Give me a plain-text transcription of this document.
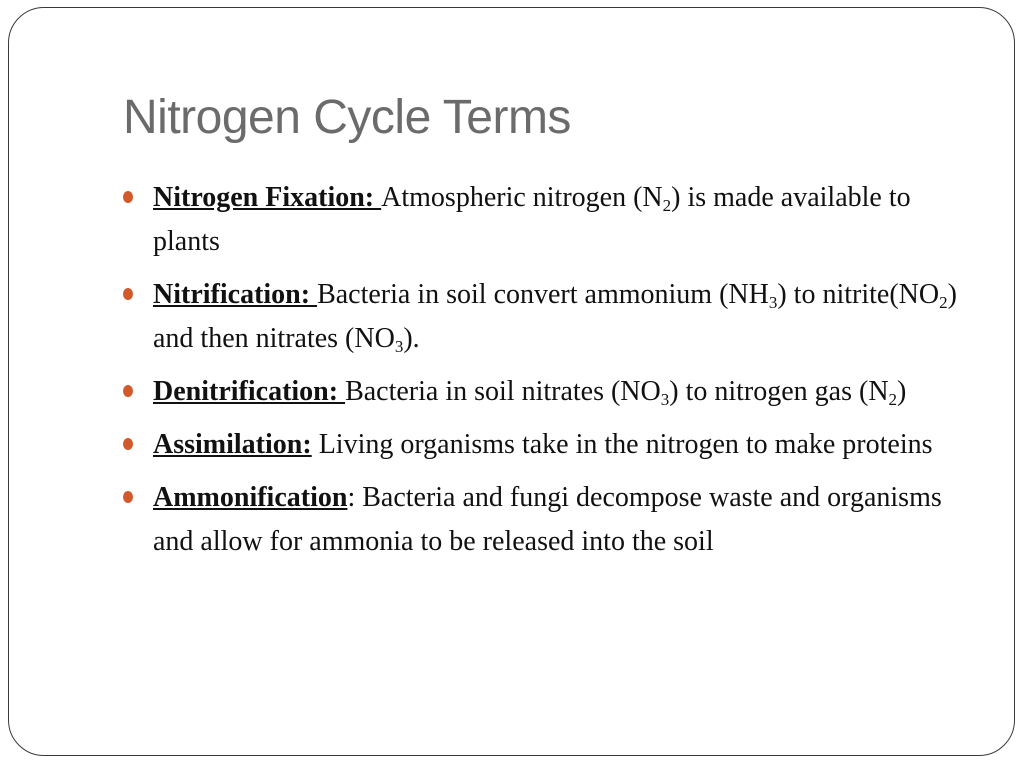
Nitrogen Cycle Terms
Nitrogen Fixation: Atmospheric nitrogen $(N_2)$ is made available to plants
Nitrification: Bacteria in soil convert ammonium $(NH_3)$ to $nitrite(NO_2)$ and then nitrates $(NO_3)$.
Denitrification: Bacteria in soil nitrates $(NO_3)$ to nitrogen gas $(N_2)$
Assimilation: Living organisms take in the nitrogen to make proteins
Ammonification: Bacteria and fungi decompose waste and organisms and allow for ammonia to be released into the soil
